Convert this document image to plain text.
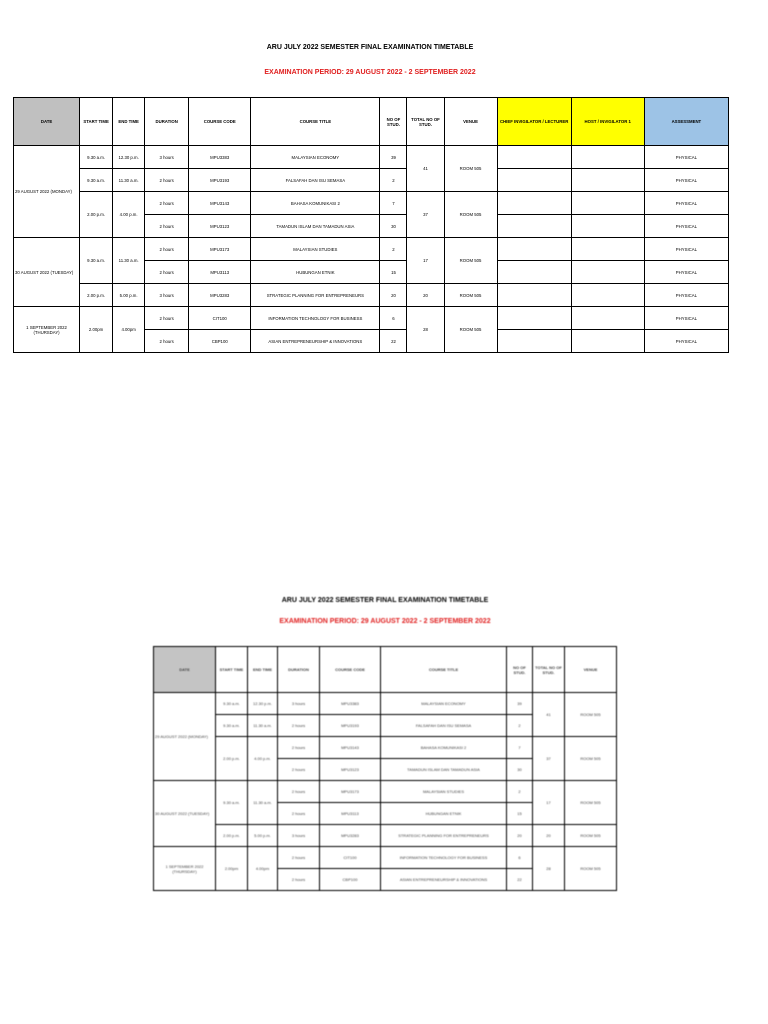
ARU JULY 2022 SEMESTER FINAL EXAMINATION TIMETABLE
EXAMINATION PERIOD: 29 AUGUST 2022 - 2 SEPTEMBER 2022
DATE	START TIME	END TIME	DURATION	COURSE CODE	COURSE TITLE	NO OF STUD.	TOTAL NO OF STUD.	VENUE	CHIEF INVIGILATOR / LECTURER	HOST / INVIGILATOR 1	ASSESSMENT
29 AUGUST 2022 (MONDAY)	9.30 a.m.	12.30 p.m.	3 hours	MPU3383	MALAYSIAN ECONOMY	39	41	ROOM 505			PHYSICAL
	9.30 a.m.	11.30 a.m.	2 hours	MPU3193	FALSAFAH DAN ISU SEMASA	2					PHYSICAL
	2.00 p.m.	4.00 p.m.	2 hours	MPU3143	BAHASA KOMUNIKASI 2	7	37	ROOM 505			PHYSICAL
			2 hours	MPU3123	TAMADUN ISLAM DAN TAMADUN ASIA	30					PHYSICAL
30 AUGUST 2022 (TUESDAY)	9.30 a.m.	11.30 a.m.	2 hours	MPU3173	MALAYSIAN STUDIES	2	17	ROOM 505			PHYSICAL
			2 hours	MPU3113	HUBUNGAN ETNIK	15					PHYSICAL
	2.00 p.m.	5.00 p.m.	3 hours	MPU3283	STRATEGIC PLANNING FOR ENTREPRENEURS	20	20	ROOM 505			PHYSICAL
1 SEPTEMBER 2022 (THURSDAY)	2.00pm	4.00pm	2 hours	CIT100	INFORMATION TECHNOLOGY FOR BUSINESS	6	28	ROOM 505			PHYSICAL
			2 hours	CBP100	ASIAN ENTREPRENEURSHIP & INNOVATIONS	22					PHYSICAL
ARU JULY 2022 SEMESTER FINAL EXAMINATION TIMETABLE
EXAMINATION PERIOD: 29 AUGUST 2022 - 2 SEPTEMBER 2022
DATE	START TIME	END TIME	DURATION	COURSE CODE	COURSE TITLE	NO OF STUD.	TOTAL NO OF STUD.	VENUE
29 AUGUST 2022 (MONDAY)	9.30 a.m.	12.30 p.m.	3 hours	MPU3383	MALAYSIAN ECONOMY	39	41	ROOM 505
	9.30 a.m.	11.30 a.m.	2 hours	MPU3193	FALSAFAH DAN ISU SEMASA	2		
	2.00 p.m.	4.00 p.m.	2 hours	MPU3143	BAHASA KOMUNIKASI 2	7	37	ROOM 505
			2 hours	MPU3123	TAMADUN ISLAM DAN TAMADUN ASIA	30		
30 AUGUST 2022 (TUESDAY)	9.30 a.m.	11.30 a.m.	2 hours	MPU3173	MALAYSIAN STUDIES	2	17	ROOM 505
			2 hours	MPU3113	HUBUNGAN ETNIK	15		
	2.00 p.m.	5.00 p.m.	3 hours	MPU3283	STRATEGIC PLANNING FOR ENTREPRENEURS	20	20	ROOM 505
1 SEPTEMBER 2022 (THURSDAY)	2.00pm	4.00pm	2 hours	CIT100	INFORMATION TECHNOLOGY FOR BUSINESS	6	28	ROOM 505
			2 hours	CBP100	ASIAN ENTREPRENEURSHIP & INNOVATIONS	22		
